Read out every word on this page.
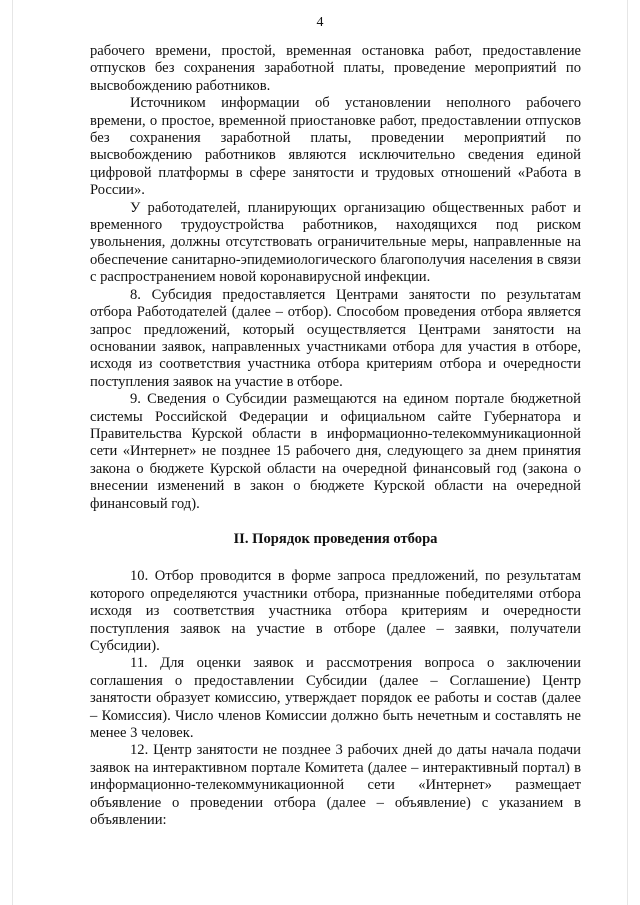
4

рабочего времени, простой, временная остановка работ, предоставление отпусков без сохранения заработной платы, проведение мероприятий по высвобождению работников.

Источником информации об установлении неполного рабочего времени, о простое, временной приостановке работ, предоставлении отпусков без сохранения заработной платы, проведении мероприятий по высвобождению работников являются исключительно сведения единой цифровой платформы в сфере занятости и трудовых отношений «Работа в России».

У работодателей, планирующих организацию общественных работ и временного трудоустройства работников, находящихся под риском увольнения, должны отсутствовать ограничительные меры, направленные на обеспечение санитарно-эпидемиологического благополучия населения в связи с распространением новой коронавирусной инфекции.

8. Субсидия предоставляется Центрами занятости по результатам отбора Работодателей (далее – отбор). Способом проведения отбора является запрос предложений, который осуществляется Центрами занятости на основании заявок, направленных участниками отбора для участия в отборе, исходя из соответствия участника отбора критериям отбора и очередности поступления заявок на участие в отборе.

9. Сведения о Субсидии размещаются на едином портале бюджетной системы Российской Федерации и официальном сайте Губернатора и Правительства Курской области в информационно-телекоммуникационной сети «Интернет» не позднее 15 рабочего дня, следующего за днем принятия закона о бюджете Курской области на очередной финансовый год (закона о внесении изменений в закон о бюджете Курской области на очередной финансовый год).

II. Порядок проведения отбора

10. Отбор проводится в форме запроса предложений, по результатам которого определяются участники отбора, признанные победителями отбора исходя из соответствия участника отбора критериям и очередности поступления заявок на участие в отборе (далее – заявки, получатели Субсидии).

11. Для оценки заявок и рассмотрения вопроса о заключении соглашения о предоставлении Субсидии (далее – Соглашение) Центр занятости образует комиссию, утверждает порядок ее работы и состав (далее – Комиссия). Число членов Комиссии должно быть нечетным и составлять не менее 3 человек.

12. Центр занятости не позднее 3 рабочих дней до даты начала подачи заявок на интерактивном портале Комитета (далее – интерактивный портал) в информационно-телекоммуникационной сети «Интернет» размещает объявление о проведении отбора (далее – объявление) с указанием в объявлении:
